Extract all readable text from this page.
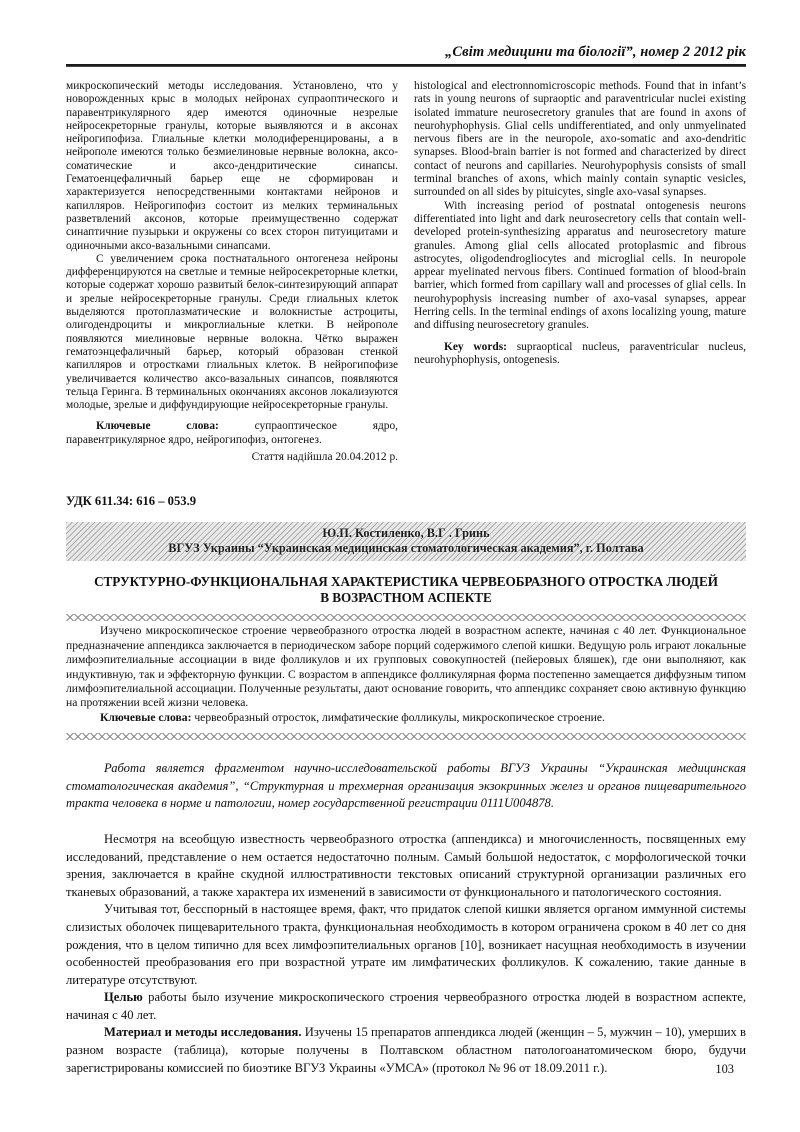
„Світ медицини та біології”, номер 2 2012 рік

микроскопический методы исследования. Установлено, что у новорожденных крыс в молодых нейронах супраоптического и паравентрикулярного ядер имеются одиночные незрелые нейросекреторные гранулы, которые выявляются и в аксонах нейрогипофиза. Глиальные клетки молодиференцированы, а в нейрополе имеются только безмиелиновые нервные волокна, аксо-соматические и аксо-дендритические синапсы. Гематоенцефаличный барьер еще не сформирован и характеризуется непосредственными контактами нейронов и капилляров. Нейрогипофиз состоит из мелких терминальных разветвлений аксонов, которые преимущественно содержат синаптичние пузырьки и окружены со всех сторон питуицитами и одиночными аксо-вазальными синапсами.

С увеличением срока постнатального онтогенеза нейроны дифференцируются на светлые и темные нейросекреторные клетки, которые содержат хорошо развитый белок-синтезирующий аппарат и зрелые нейросекреторные гранулы. Среди глиальных клеток выделяются протоплазматические и волокнистые астроциты, олигодендроциты и микроглиальные клетки. В нейрополе появляются миелиновые нервные волокна. Чётко выражен гематоэнцефаличный барьер, который образован стенкой капилляров и отростками глиальных клеток. В нейрогипофизе увеличивается количество аксо-вазальных синапсов, появляются тельца Геринга. В терминальных окончаниях аксонов локализуются молодые, зрелые и диффундирующие нейросекреторные гранулы.

Ключевые слова: супраоптическое ядро, паравентрикулярное ядро, нейрогипофиз, онтогенез.

Стаття надійшла 20.04.2012 р.

histological and electronnomicroscopic methods. Found that in infant’s rats in young neurons of supraoptic and paraventricular nuclei existing isolated immature neurosecretory granules that are found in axons of neurohyphophysis. Glial cells undifferentiated, and only unmyelinated nervous fibers are in the neuropole, axo-somatic and axo-dendritic synapses. Blood-brain barrier is not formed and characterized by direct contact of neurons and capillaries. Neurohypophysis consists of small terminal branches of axons, which mainly contain synaptic vesicles, surrounded on all sides by pituicytes, single axo-vasal synapses.

With increasing period of postnatal ontogenesis neurons differentiated into light and dark neurosecretory cells that contain well-developed protein-synthesizing apparatus and neurosecretory mature granules. Among glial cells allocated protoplasmic and fibrous astrocytes, oligodendrogliocytes and microglial cells. In neuropole appear myelinated nervous fibers. Continued formation of blood-brain barrier, which formed from capillary wall and processes of glial cells. In neurohypophysis increasing number of axo-vasal synapses, appear Herring cells. In the terminal endings of axons localizing young, mature and diffusing neurosecretory granules.

Key words: supraoptical nucleus, paraventricular nucleus, neurohyphophysis, ontogenesis.

УДК 611.34: 616 – 053.9
Ю.П. Костиленко, В.Г . Гринь
ВГУЗ Украины “Украинская медицинская стоматологическая академия”, г. Полтава
СТРУКТУРНО-ФУНКЦИОНАЛЬНАЯ ХАРАКТЕРИСТИКА ЧЕРВЕОБРАЗНОГО ОТРОСТКА ЛЮДЕЙ
В ВОЗРАСТНОМ АСПЕКТЕ

Изучено микроскопическое строение червеобразного отростка людей в возрастном аспекте, начиная с 40 лет. Функциональное предназначение аппендикса заключается в периодическом заборе порций содержимого слепой кишки. Ведущую роль играют локальные лимфоэпителиальные ассоциации в виде фолликулов и их групповых совокупностей (пейеровых бляшек), где они выполняют, как индуктивную, так и эффекторную функции. С возрастом в аппендиксе фолликулярная форма постепенно замещается диффузным типом лимфоэпителиальной ассоциации. Полученные результаты, дают основание говорить, что аппендикс сохраняет свою активную функцию на протяжении всей жизни человека.

Ключевые слова: червеобразный отросток, лимфатические фолликулы, микроскопическое строение.

Работа является фрагментом научно-исследовательской работы ВГУЗ Украины “Украинская медицинская стоматологическая академия”, “Структурная и трехмерная организация экзокринных желез и органов пищеварительного тракта человека в норме и патологии, номер государственной регистрации 0111U004878.

Несмотря на всеобщую известность червеобразного отростка (аппендикса) и многочисленность, посвященных ему исследований, представление о нем остается недостаточно полным. Самый большой недостаток, с морфологической точки зрения, заключается в крайне скудной иллюстративности текстовых описаний структурной организации различных его тканевых образований, а также характера их изменений в зависимости от функционального и патологического состояния.

Учитывая тот, бесспорный в настоящее время, факт, что придаток слепой кишки является органом иммунной системы слизистых оболочек пищеварительного тракта, функциональная необходимость в котором ограничена сроком в 40 лет со дня рождения, что в целом типично для всех лимфоэпителиальных органов [10], возникает насущная необходимость в изучении особенностей преобразования его при возрастной утрате им лимфатических фолликулов. К сожалению, такие данные в литературе отсутствуют.

Целью работы было изучение микроскопического строения червеобразного отростка людей в возрастном аспекте, начиная с 40 лет.

Материал и методы исследования. Изучены 15 препаратов аппендикса людей (женщин – 5, мужчин – 10), умерших в разном возрасте (таблица), которые получены в Полтавском областном патологоанатомическом бюро, будучи зарегистрированы комиссией по биоэтике ВГУЗ Украины «УМСА» (протокол № 96 от 18.09.2011 г.).	103
